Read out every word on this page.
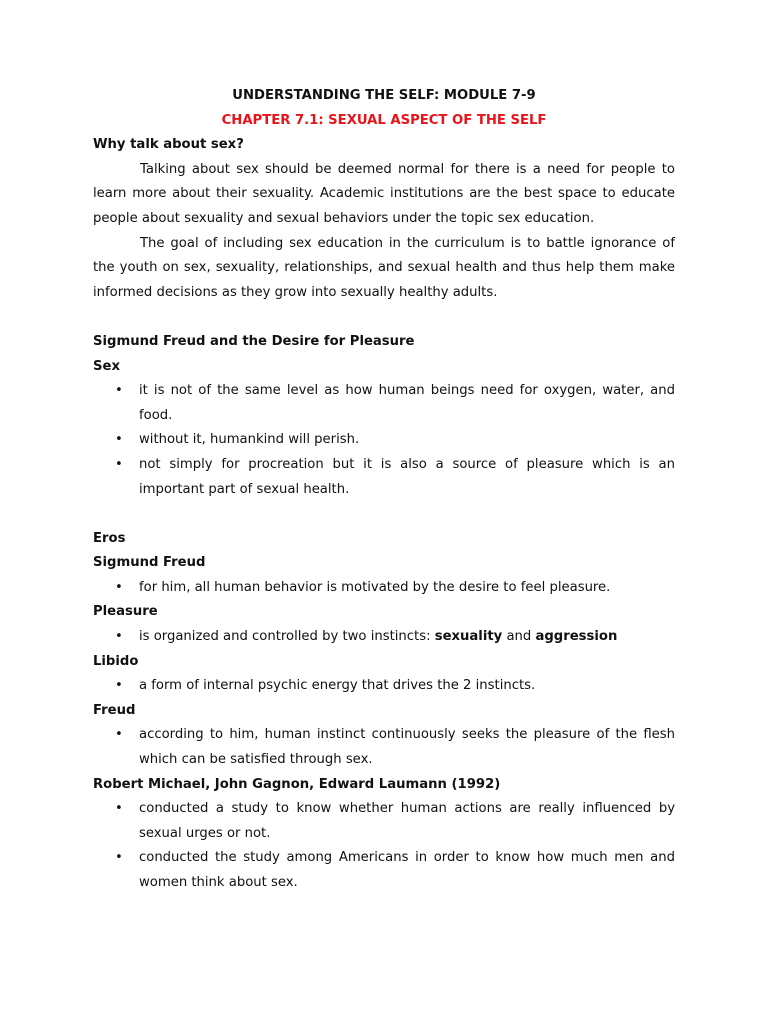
UNDERSTANDING THE SELF: MODULE 7-9

CHAPTER 7.1: SEXUAL ASPECT OF THE SELF

Why talk about sex?

Talking about sex should be deemed normal for there is a need for people to learn more about their sexuality. Academic institutions are the best space to educate people about sexuality and sexual behaviors under the topic sex education.

The goal of including sex education in the curriculum is to battle ignorance of the youth on sex, sexuality, relationships, and sexual health and thus help them make informed decisions as they grow into sexually healthy adults.

Sigmund Freud and the Desire for Pleasure

Sex

• it is not of the same level as how human beings need for oxygen, water, and food.
• without it, humankind will perish.
• not simply for procreation but it is also a source of pleasure which is an important part of sexual health.

Eros

Sigmund Freud

• for him, all human behavior is motivated by the desire to feel pleasure.

Pleasure

• is organized and controlled by two instincts: sexuality and aggression

Libido

• a form of internal psychic energy that drives the 2 instincts.

Freud

• according to him, human instinct continuously seeks the pleasure of the flesh which can be satisfied through sex.

Robert Michael, John Gagnon, Edward Laumann (1992)

• conducted a study to know whether human actions are really influenced by sexual urges or not.
• conducted the study among Americans in order to know how much men and women think about sex.
